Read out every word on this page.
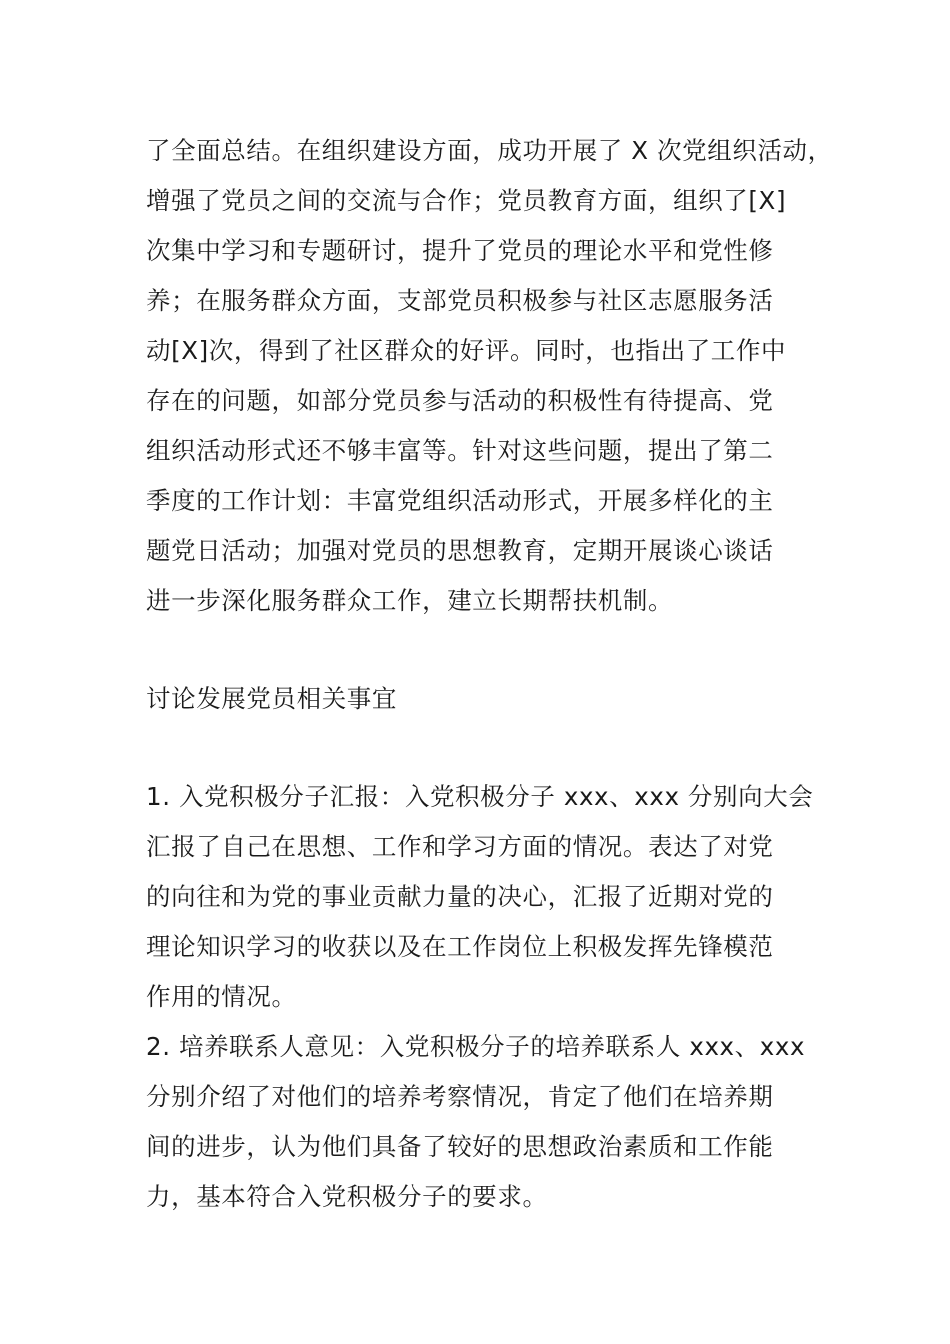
了全面总结。在组织建设方面，成功开展了 X 次党组织活动，
增强了党员之间的交流与合作；党员教育方面，组织了[X]
次集中学习和专题研讨，提升了党员的理论水平和党性修
养；在服务群众方面，支部党员积极参与社区志愿服务活
动[X]次，得到了社区群众的好评。同时，也指出了工作中
存在的问题，如部分党员参与活动的积极性有待提高、党
组织活动形式还不够丰富等。针对这些问题，提出了第二
季度的工作计划：丰富党组织活动形式，开展多样化的主
题党日活动；加强对党员的思想教育，定期开展谈心谈话
进一步深化服务群众工作，建立长期帮扶机制。
讨论发展党员相关事宜
1. 入党积极分子汇报：入党积极分子 xxx、xxx 分别向大会
汇报了自己在思想、工作和学习方面的情况。表达了对党
的向往和为党的事业贡献力量的决心，汇报了近期对党的
理论知识学习的收获以及在工作岗位上积极发挥先锋模范
作用的情况。
2. 培养联系人意见：入党积极分子的培养联系人 xxx、xxx
分别介绍了对他们的培养考察情况，肯定了他们在培养期
间的进步，认为他们具备了较好的思想政治素质和工作能
力，基本符合入党积极分子的要求。
